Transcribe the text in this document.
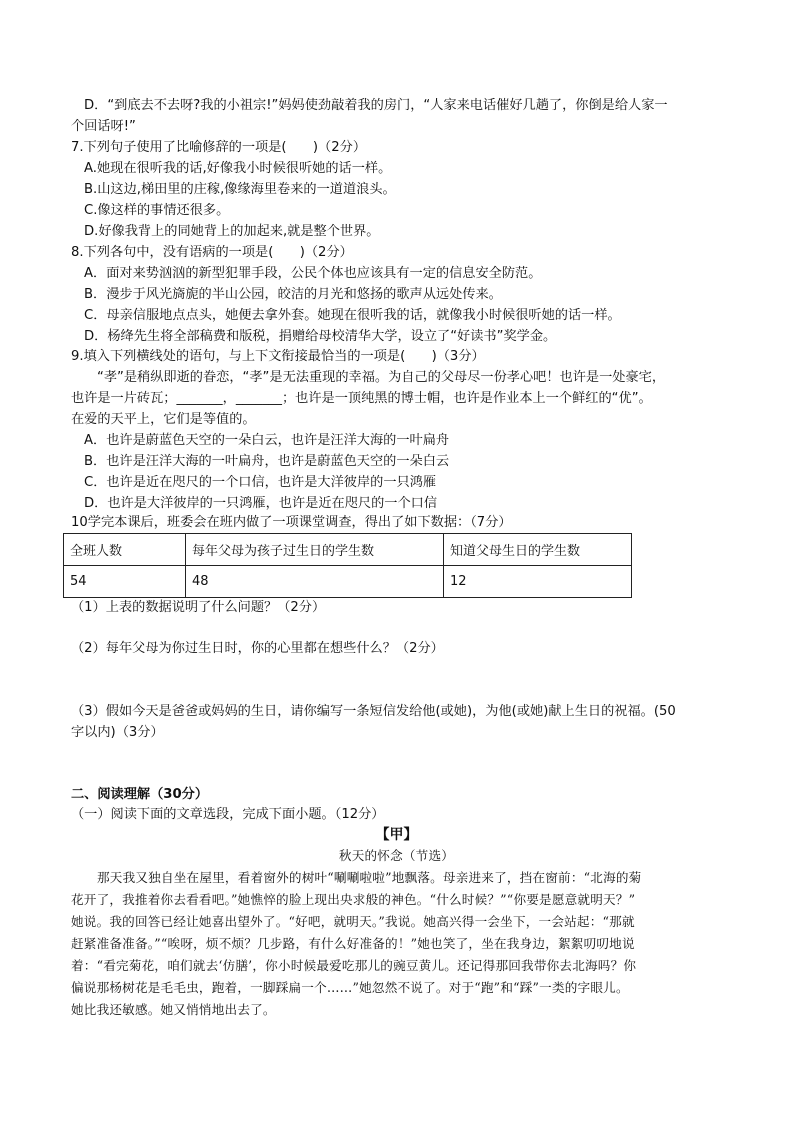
D．“到底去不去呀?我的小祖宗!”妈妈使劲敲着我的房门，“人家来电话催好几趟了，你倒是给人家一
个回话呀!”
7.下列句子使用了比喻修辞的一项是(　　)（2分）
A.她现在很听我的话,好像我小时候很听她的话一样。
B.山这边,梯田里的庄稼,像缘海里卷来的一道道浪头。
C.像这样的事情还很多。
D.好像我背上的同她背上的加起来,就是整个世界。
8.下列各句中，没有语病的一项是(　　)（2分）
A．面对来势汹汹的新型犯罪手段，公民个体也应该具有一定的信息安全防范。
B．漫步于风光旖旎的半山公园，皎洁的月光和悠扬的歌声从远处传来。
C．母亲信服地点点头，她便去拿外套。她现在很听我的话，就像我小时候很听她的话一样。
D．杨绛先生将全部稿费和版税，捐赠给母校清华大学，设立了“好读书”奖学金。
9.填入下列横线处的语句，与上下文衔接最恰当的一项是(　　)（3分）
“孝”是稍纵即逝的眷恋，“孝”是无法重现的幸福。为自己的父母尽一份孝心吧！也许是一处豪宅，
也许是一片砖瓦；_______，_______；也许是一顶纯黑的博士帽，也许是作业本上一个鲜红的“优”。
在爱的天平上，它们是等值的。
A．也许是蔚蓝色天空的一朵白云，也许是汪洋大海的一叶扁舟
B．也许是汪洋大海的一叶扁舟，也许是蔚蓝色天空的一朵白云
C．也许是近在咫尺的一个口信，也许是大洋彼岸的一只鸿雁
D．也许是大洋彼岸的一只鸿雁，也许是近在咫尺的一个口信
10学完本课后，班委会在班内做了一项课堂调查，得出了如下数据：（7分）
全班人数	每年父母为孩子过生日的学生数	知道父母生日的学生数
54	48	12
（1）上表的数据说明了什么问题？（2分）
（2）每年父母为你过生日时，你的心里都在想些什么？（2分）
（3）假如今天是爸爸或妈妈的生日，请你编写一条短信发给他(或她)，为他(或她)献上生日的祝福。(50
字以内)（3分）
二、阅读理解（30分）
（一）阅读下面的文章选段，完成下面小题。（12分）
【甲】
秋天的怀念（节选）
那天我又独自坐在屋里，看着窗外的树叶“唰唰啦啦”地飘落。母亲进来了，挡在窗前：“北海的菊
花开了，我推着你去看看吧。”她憔悴的脸上现出央求般的神色。“什么时候？”“你要是愿意就明天？”
她说。我的回答已经让她喜出望外了。“好吧，就明天。”我说。她高兴得一会坐下，一会站起：“那就
赶紧准备准备。”“唉呀，烦不烦？几步路，有什么好准备的！”她也笑了，坐在我身边，絮絮叨叨地说
着：“看完菊花，咱们就去‘仿膳’，你小时候最爱吃那儿的豌豆黄儿。还记得那回我带你去北海吗？你
偏说那杨树花是毛毛虫，跑着，一脚踩扁一个……”她忽然不说了。对于“跑”和“踩”一类的字眼儿。
她比我还敏感。她又悄悄地出去了。
